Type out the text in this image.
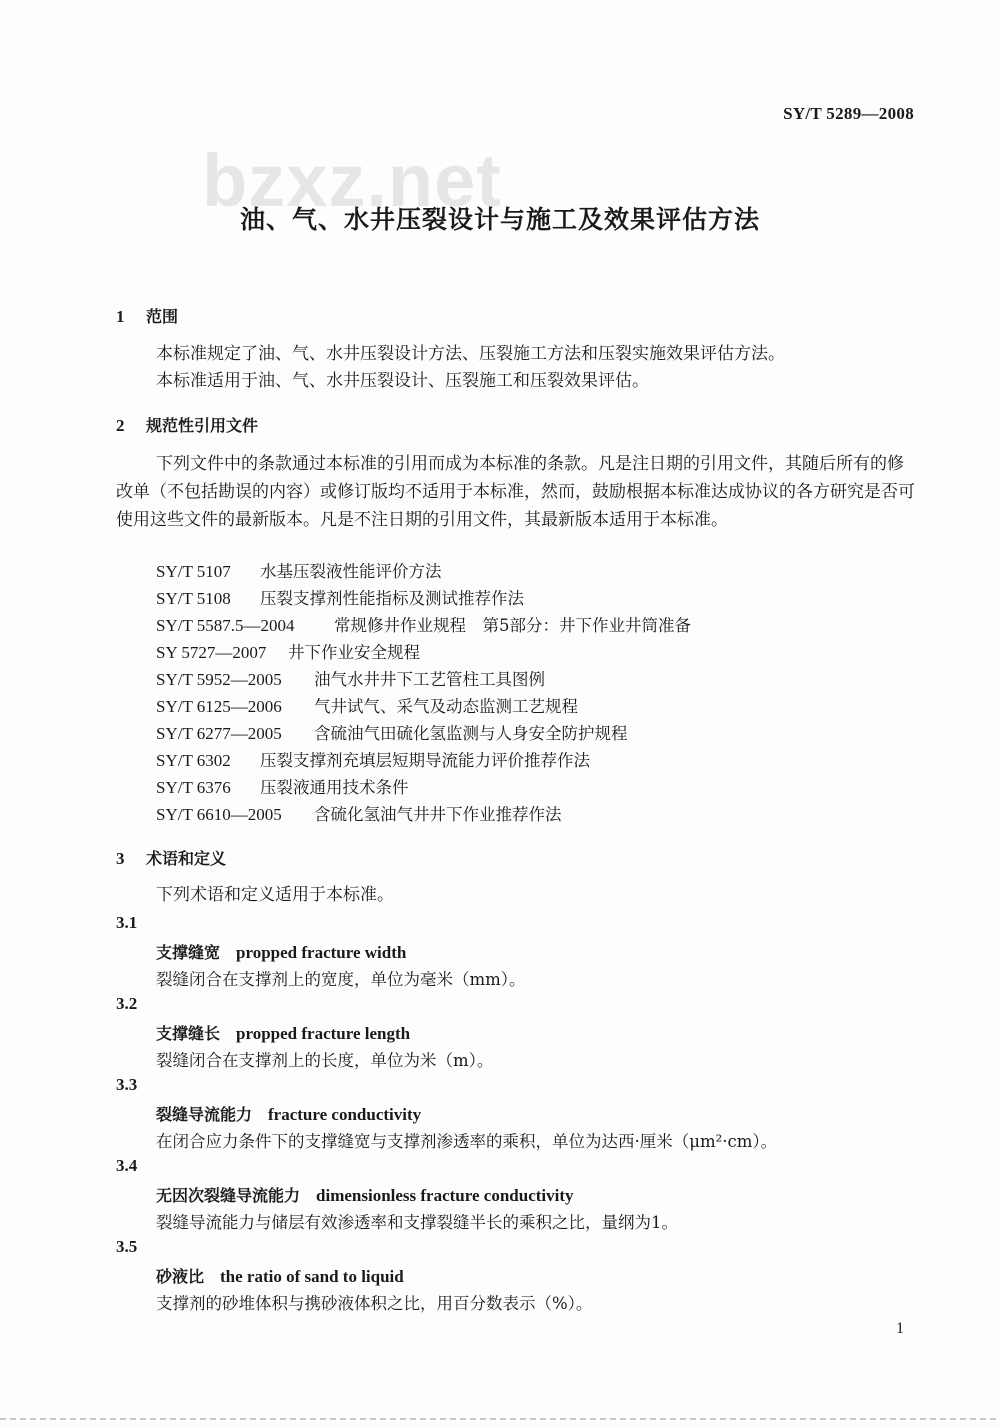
SY/T 5289—2008
bzxz.net
油、气、水井压裂设计与施工及效果评估方法
1 范围
本标准规定了油、气、水井压裂设计方法、压裂施工方法和压裂实施效果评估方法。
本标准适用于油、气、水井压裂设计、压裂施工和压裂效果评估。
2 规范性引用文件
下列文件中的条款通过本标准的引用而成为本标准的条款。凡是注日期的引用文件，其随后所有的修改单（不包括勘误的内容）或修订版均不适用于本标准，然而，鼓励根据本标准达成协议的各方研究是否可使用这些文件的最新版本。凡是不注日期的引用文件，其最新版本适用于本标准。
SY/T 5107 水基压裂液性能评价方法
SY/T 5108 压裂支撑剂性能指标及测试推荐作法
SY/T 5587.5—2004 常规修井作业规程　第5部分：井下作业井筒准备
SY 5727—2007 井下作业安全规程
SY/T 5952—2005 油气水井井下工艺管柱工具图例
SY/T 6125—2006 气井试气、采气及动态监测工艺规程
SY/T 6277—2005 含硫油气田硫化氢监测与人身安全防护规程
SY/T 6302 压裂支撑剂充填层短期导流能力评价推荐作法
SY/T 6376 压裂液通用技术条件
SY/T 6610—2005 含硫化氢油气井井下作业推荐作法
3 术语和定义
下列术语和定义适用于本标准。
3.1
支撑缝宽 propped fracture width
裂缝闭合在支撑剂上的宽度，单位为毫米（mm）。
3.2
支撑缝长 propped fracture length
裂缝闭合在支撑剂上的长度，单位为米（m）。
3.3
裂缝导流能力 fracture conductivity
在闭合应力条件下的支撑缝宽与支撑剂渗透率的乘积，单位为达西·厘米（μm²·cm）。
3.4
无因次裂缝导流能力 dimensionless fracture conductivity
裂缝导流能力与储层有效渗透率和支撑裂缝半长的乘积之比，量纲为1。
3.5
砂液比 the ratio of sand to liquid
支撑剂的砂堆体积与携砂液体积之比，用百分数表示（%）。
1
